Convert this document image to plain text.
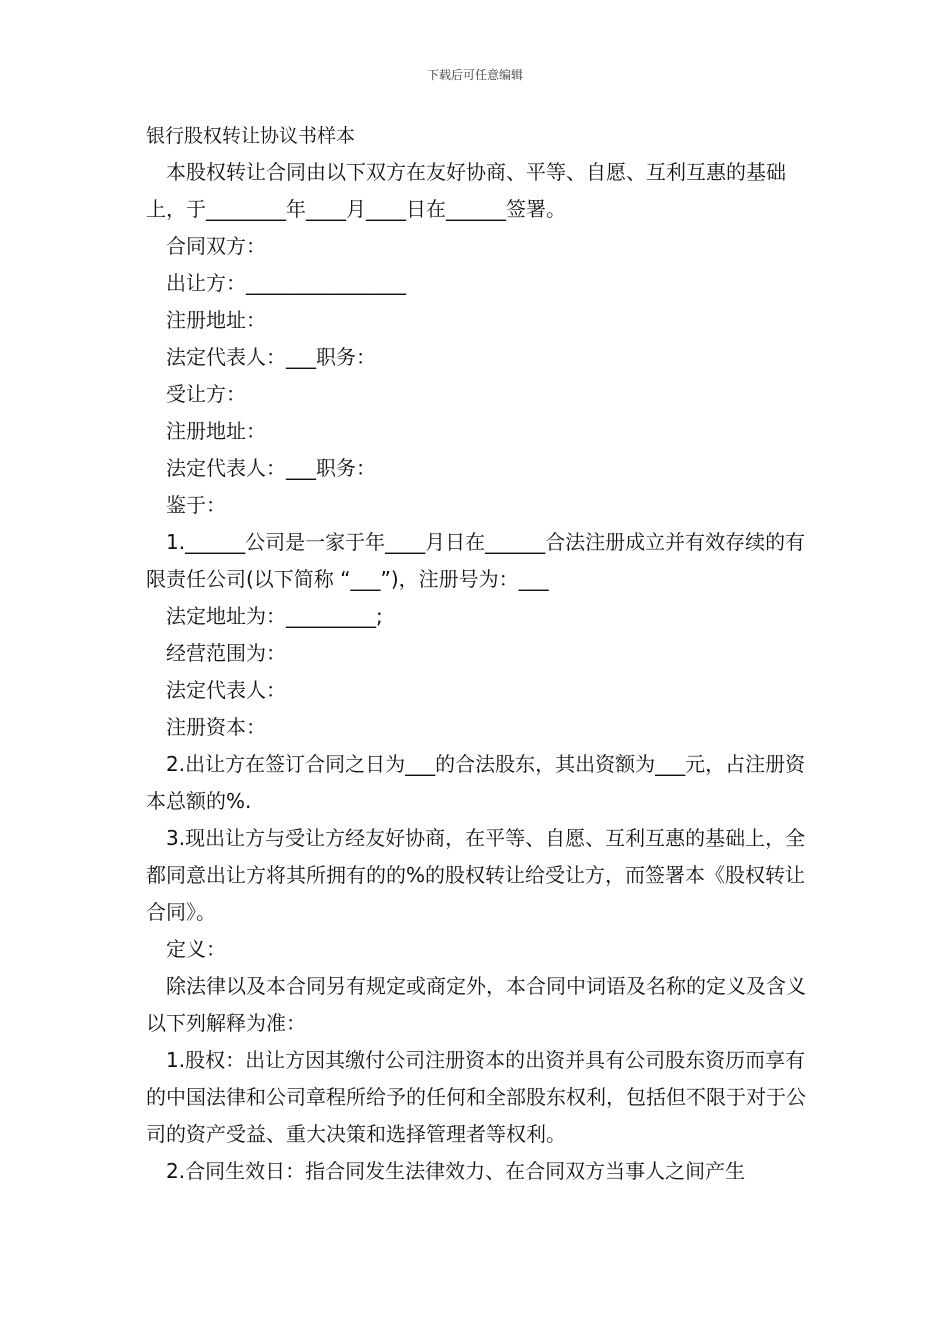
下载后可任意编辑
银行股权转让协议书样本

本股权转让合同由以下双方在友好协商、平等、自愿、互利互惠的基础上，于________年____月____日在______签署。

合同双方：

出让方：________________

注册地址：

法定代表人：___职务：

受让方：

注册地址：

法定代表人：___职务：

鉴于：

1.______公司是一家于年____月日在______合法注册成立并有效存续的有限责任公司(以下简称 “___”)，注册号为：___

法定地址为：_________;

经营范围为：

法定代表人：

注册资本：

2.出让方在签订合同之日为___的合法股东，其出资额为___元，占注册资本总额的%.

3.现出让方与受让方经友好协商，在平等、自愿、互利互惠的基础上，全都同意出让方将其所拥有的的%的股权转让给受让方，而签署本《股权转让合同》。

定义：

除法律以及本合同另有规定或商定外，本合同中词语及名称的定义及含义以下列解释为准：

1.股权：出让方因其缴付公司注册资本的出资并具有公司股东资历而享有的中国法律和公司章程所给予的任何和全部股东权利，包括但不限于对于公司的资产受益、重大决策和选择管理者等权利。

2.合同生效日：指合同发生法律效力、在合同双方当事人之间产生
